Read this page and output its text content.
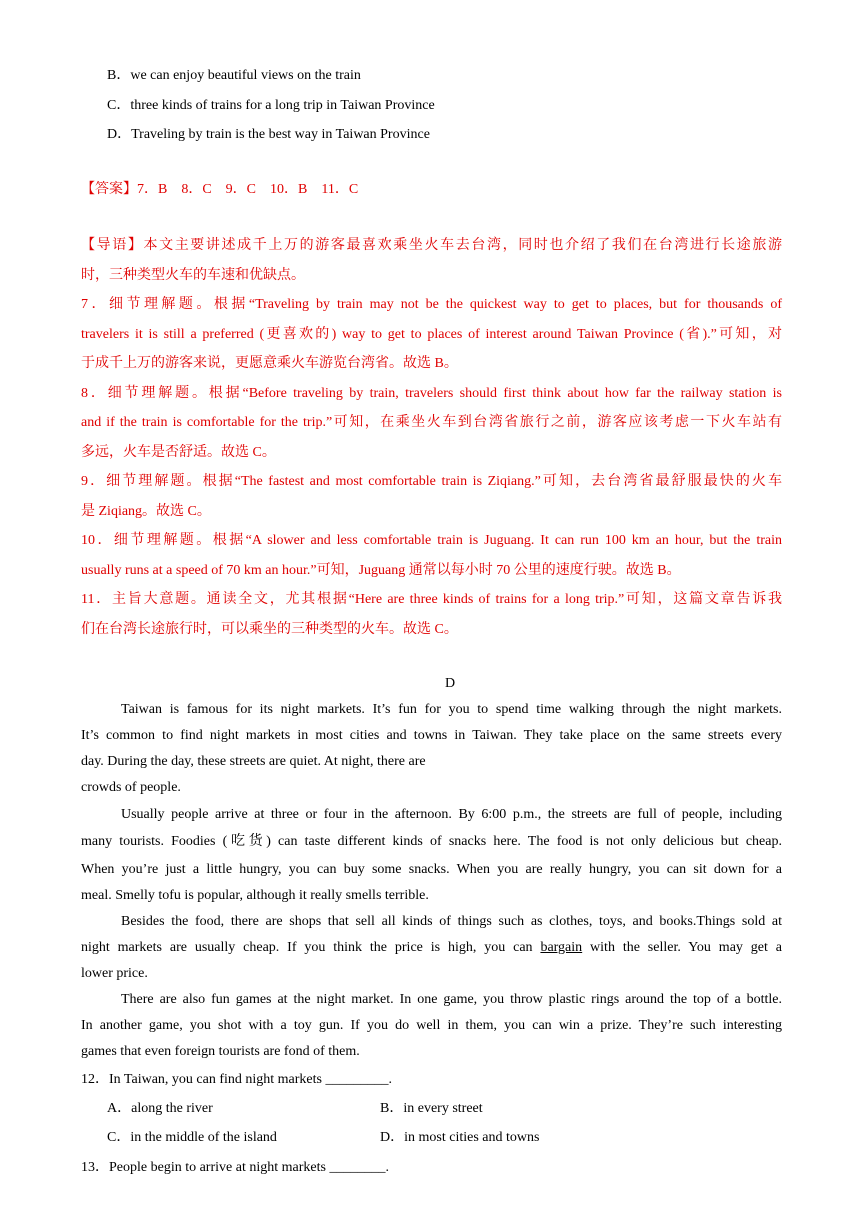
B．we can enjoy beautiful views on the train
C．three kinds of trains for a long trip in Taiwan Province
D．Traveling by train is the best way in Taiwan Province
【答案】7．B　8．C　9．C　10．B　11．C
【导语】本文主要讲述成千上万的游客最喜欢乘坐火车去台湾，同时也介绍了我们在台湾进行长途旅游
时，三种类型火车的车速和优缺点。
7．细节理解题。根据“Traveling by train may not be the quickest way to get to places, but for thousands of
travelers it is still a preferred (更喜欢的) way to get to places of interest around Taiwan Province (省).”可知，对
于成千上万的游客来说，更愿意乘火车游览台湾省。故选 B。
8．细节理解题。根据“Before traveling by train, travelers should first think about how far the railway station is
and if the train is comfortable for the trip.”可知，在乘坐火车到台湾省旅行之前，游客应该考虑一下火车站有
多远，火车是否舒适。故选 C。
9．细节理解题。根据“The fastest and most comfortable train is Ziqiang.”可知，去台湾省最舒服最快的火车
是 Ziqiang。故选 C。
10．细节理解题。根据“A slower and less comfortable train is Juguang. It can run 100 km an hour, but the train
usually runs at a speed of 70 km an hour.”可知，Juguang 通常以每小时 70 公里的速度行驶。故选 B。
11．主旨大意题。通读全文，尤其根据“Here are three kinds of trains for a long trip.”可知，这篇文章告诉我
们在台湾长途旅行时，可以乘坐的三种类型的火车。故选 C。
D
Taiwan is famous for its night markets. It’s fun for you to spend time walking through the night markets.
It’s common to find night markets in most cities and towns in Taiwan. They take place on the same streets every
day. During the day, these streets are quiet. At night, there are
crowds of people.
Usually people arrive at three or four in the afternoon. By 6:00 p.m., the streets are full of people, including
many tourists. Foodies (吃货) can taste different kinds of snacks here. The food is not only delicious but cheap.
When you’re just a little hungry, you can buy some snacks. When you are really hungry, you can sit down for a
meal. Smelly tofu is popular, although it really smells terrible.
Besides the food, there are shops that sell all kinds of things such as clothes, toys, and books.Things sold at
night markets are usually cheap. If you think the price is high, you can bargain with the seller. You may get a
lower price.
There are also fun games at the night market. In one game, you throw plastic rings around the top of a bottle.
In another game, you shot with a toy gun. If you do well in them, you can win a prize. They’re such interesting
games that even foreign tourists are fond of them.
12．In Taiwan, you can find night markets _________.
A．along the river	B．in every street
C．in the middle of the island	D．in most cities and towns
13．People begin to arrive at night markets ________.
